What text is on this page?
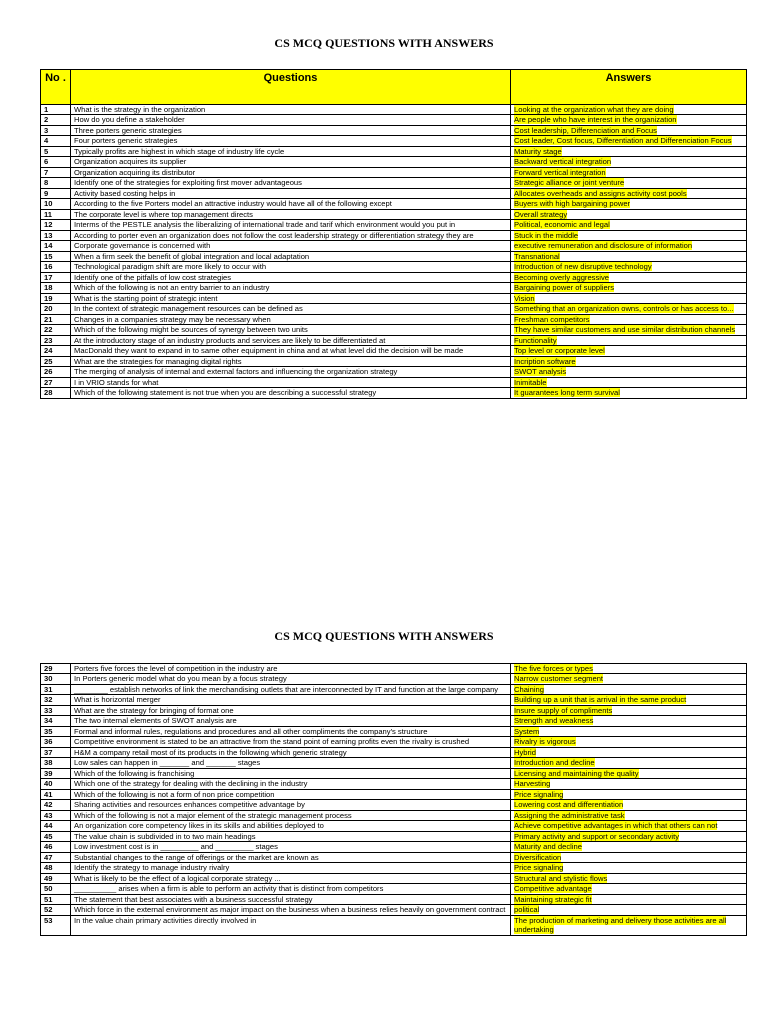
CS MCQ QUESTIONS WITH ANSWERS
No .	Questions	Answers
1	What is the strategy in the organization	Looking at the organization what they are doing
2	How do you define a stakeholder	Are people who have interest in the organization
3	Three porters generic strategies	Cost leadership, Differenciation and Focus
4	Four porters generic strategies	Cost leader, Cost focus, Differentiation and Differenciation Focus
5	Typically profits are highest in which stage of industry life cycle	Maturity stage
6	Organization acquires its supplier	Backward vertical integration
7	Organization acquiring its distributor	Forward vertical integration
8	Identify one of the strategies for exploiting first mover advantageous	Strategic alliance or joint venture
9	Activity based costing helps in	Allocates overheads and assigns activity cost pools
10	According to the five Porters model an attractive industry would have all of the following except	Buyers with high bargaining power
11	The corporate level is where top management directs	Overall strategy
12	Interms of the PESTLE analysis the liberalizing of international trade and tarif which environment would you put in	Political, economic and legal
13	According to porter even an organization does not follow the cost leadership strategy or differentiation strategy they are	Stuck in the middle
14	Corporate governance is concerned with	executive remuneration and disclosure of information
15	When a firm seek the benefit of global integration and local adaptation	Transnational
16	Technological paradigm shift are more likely to occur with	Introduction of new disruptive technology
17	Identify one of the pitfalls of low cost strategies	Becoming overly aggressive
18	Which of the following is not an entry barrier to an industry	Bargaining power of suppliers
19	What is the starting point of strategic intent	Vision
20	In the context of strategic management resources can be defined as	Something that an organization owns, controls or has access to...
21	Changes in a companies strategy may be necessary when	Freshman competitors
22	Which of the following might be sources of synergy between two units	They have similar customers and use similar distribution channels
23	At the introductory stage of an industry products and services are likely to be differentiated at	Functionality
24	MacDonald they want to expand in to same other equipment in china and at what level did the decision will be made	Top level or corporate level
25	What are the strategies for managing digital rights	Incription software
26	The merging of analysis of internal and external factors and influencing the organization strategy	SWOT analysis
27	I in VRIO stands for what	Inimitable
28	Which of the following statement is not true when you are describing a successful strategy	It guarantees long term survival
CS MCQ QUESTIONS WITH ANSWERS
29	Porters five forces the level of competition in the industry are	The five forces or types
30	In Porters generic model what do you mean by a focus strategy	Narrow customer segment
31	________ establish networks of link the merchandising outlets that are interconnected by IT and function at the large company	Chaining
32	What is horizontal merger	Building up a unit that is arrival in the same product
33	What are the strategy for bringing of format one	Insure supply of compliments
34	The two internal elements of SWOT analysis are	Strength and weakness
35	Formal and informal rules, regulations and procedures and all other compliments the company's structure	System
36	Competitive environment is stated to be an attractive from the stand point of earning profits even the rivalry is crushed	Rivalry is vigorous
37	H&M a company retail most of its products in the following which generic strategy	Hybrid
38	Low sales can happen in _______ and _______ stages	Introduction and decline
39	Which of the following is franchising	Licensing and maintaining the quality
40	Which one of the strategy for dealing with the declining in the industry	Harvesting
41	Which of the following is not a form of non price competition	Price signaling
42	Sharing activities and resources enhances competitive advantage by	Lowering cost and differentiation
43	Which of the following is not a major element of the strategic management process	Assigning the administrative task
44	An organization core competency likes in its skills and abilities deployed to	Achieve competitive advantages in which that others can not
45	The value chain is subdivided in to two main headings	Primary activity and support or secondary activity
46	Low investment cost is in _________ and _________ stages	Maturity and decline
47	Substantial changes to the range of offerings or the market are known as	Diversification
48	Identify the strategy to manage industry rivalry	Price signaling
49	What is likely to be the effect of a logical corporate strategy ...	Structural and stylistic flows
50	__________ arises when a firm is able to perform an activity that is distinct from competitors	Competitive advantage
51	The statement that best associates with a business successful strategy	Maintaining strategic fit
52	Which force in the external environment as major impact on the business when a business relies heavily on government contract	political
53	In the value chain primary activities directly involved in	The production of marketing and delivery those activities are all undertaking
